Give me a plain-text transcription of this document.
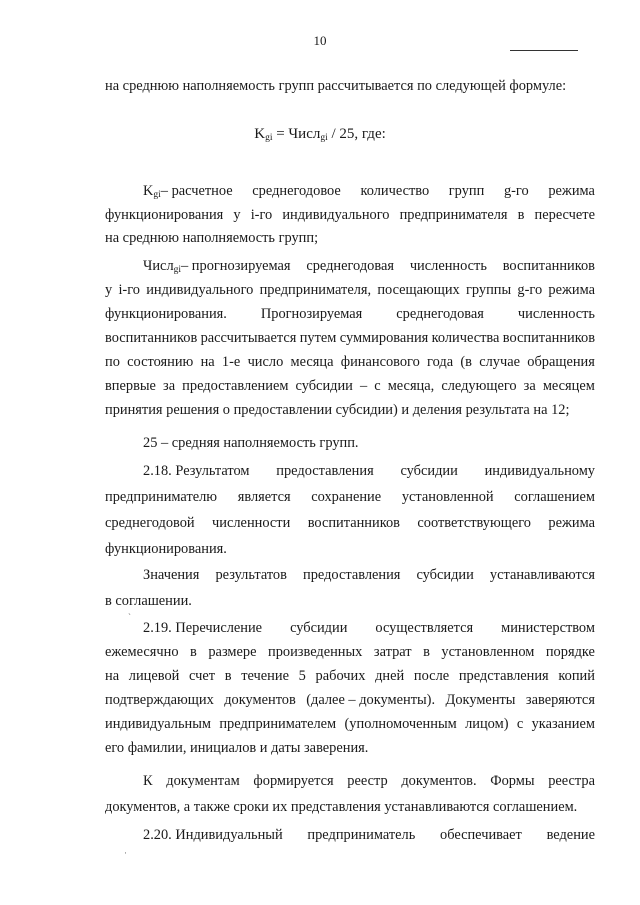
10
на среднюю наполняемость групп рассчитывается по следующей формуле:
$K_{gi}$ = Числ$_{gi}$ / 25, где:
$K_{gi}-$ расчетное среднегодовое количество групп g-го режима
функционирования у i-го индивидуального предпринимателя в пересчете
на среднюю наполняемость групп;
Числ$_{gi}$– прогнозируемая среднегодовая численность воспитанников
у i-го индивидуального предпринимателя, посещающих группы g-го режима
функционирования. Прогнозируемая среднегодовая численность
воспитанников рассчитывается путем суммирования количества воспитанников
по состоянию на 1-е число месяца финансового года (в случае обращения
впервые за предоставлением субсидии – с месяца, следующего за месяцем
принятия решения о предоставлении субсидии) и деления результата на 12;
25 – средняя наполняемость групп.
2.18. Результатом предоставления субсидии индивидуальному
предпринимателю является сохранение установленной соглашением
среднегодовой численности воспитанников соответствующего режима
функционирования.
Значения результатов предоставления субсидии устанавливаются
в соглашении.
`
2.19. Перечисление субсидии осуществляется министерством
ежемесячно в размере произведенных затрат в установленном порядке
на лицевой счет в течение 5 рабочих дней после представления копий
подтверждающих документов (далее – документы). Документы заверяются
индивидуальным предпринимателем (уполномоченным лицом) с указанием
его фамилии, инициалов и даты заверения.
К документам формируется реестр документов. Формы реестра
документов, а также сроки их представления устанавливаются соглашением.
2.20. Индивидуальный предприниматель обеспечивает ведение
·
